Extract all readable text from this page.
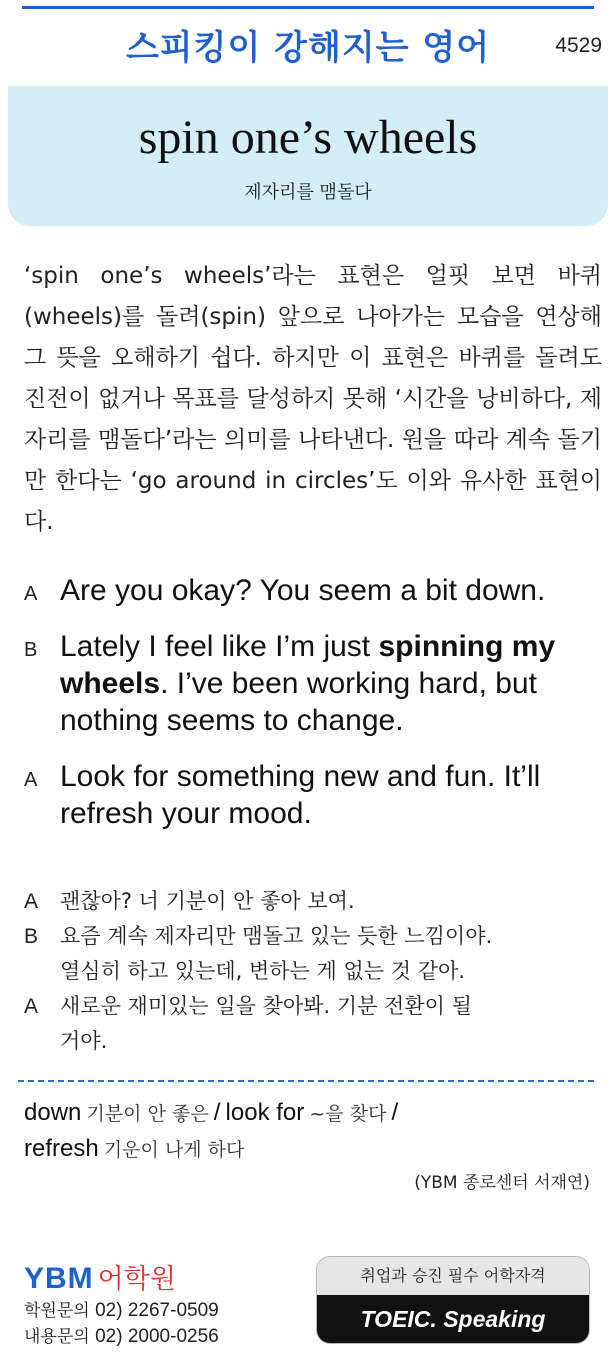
스피킹이 강해지는 영어	4529
spin one’s wheels
제자리를 맴돌다

‘spin one’s wheels’라는 표현은 얼핏 보면 바퀴(wheels)를 돌려(spin) 앞으로 나아가는 모습을 연상해 그 뜻을 오해하기 쉽다. 하지만 이 표현은 바퀴를 돌려도 진전이 없거나 목표를 달성하지 못해 ‘시간을 낭비하다, 제자리를 맴돌다’라는 의미를 나타낸다. 원을 따라 계속 돌기만 한다는 ‘go around in circles’도 이와 유사한 표현이다.

A Are you okay? You seem a bit down.
B Lately I feel like I’m just spinning my wheels. I’ve been working hard, but nothing seems to change.
A Look for something new and fun. It’ll refresh your mood.
A 괜찮아? 너 기분이 안 좋아 보여.
B 요즘 계속 제자리만 맴돌고 있는 듯한 느낌이야.
열심히 하고 있는데, 변하는 게 없는 것 같아.
A 새로운 재미있는 일을 찾아봐. 기분 전환이 될
거야.
down 기분이 안 좋은 / look for ~을 찾다 /
refresh 기운이 나게 하다
(YBM 종로센터 서재연)
YBM 어학원
학원문의 02) 2267-0509
내용문의 02) 2000-0256
취업과 승진 필수 어학자격
TOEIC. Speaking
